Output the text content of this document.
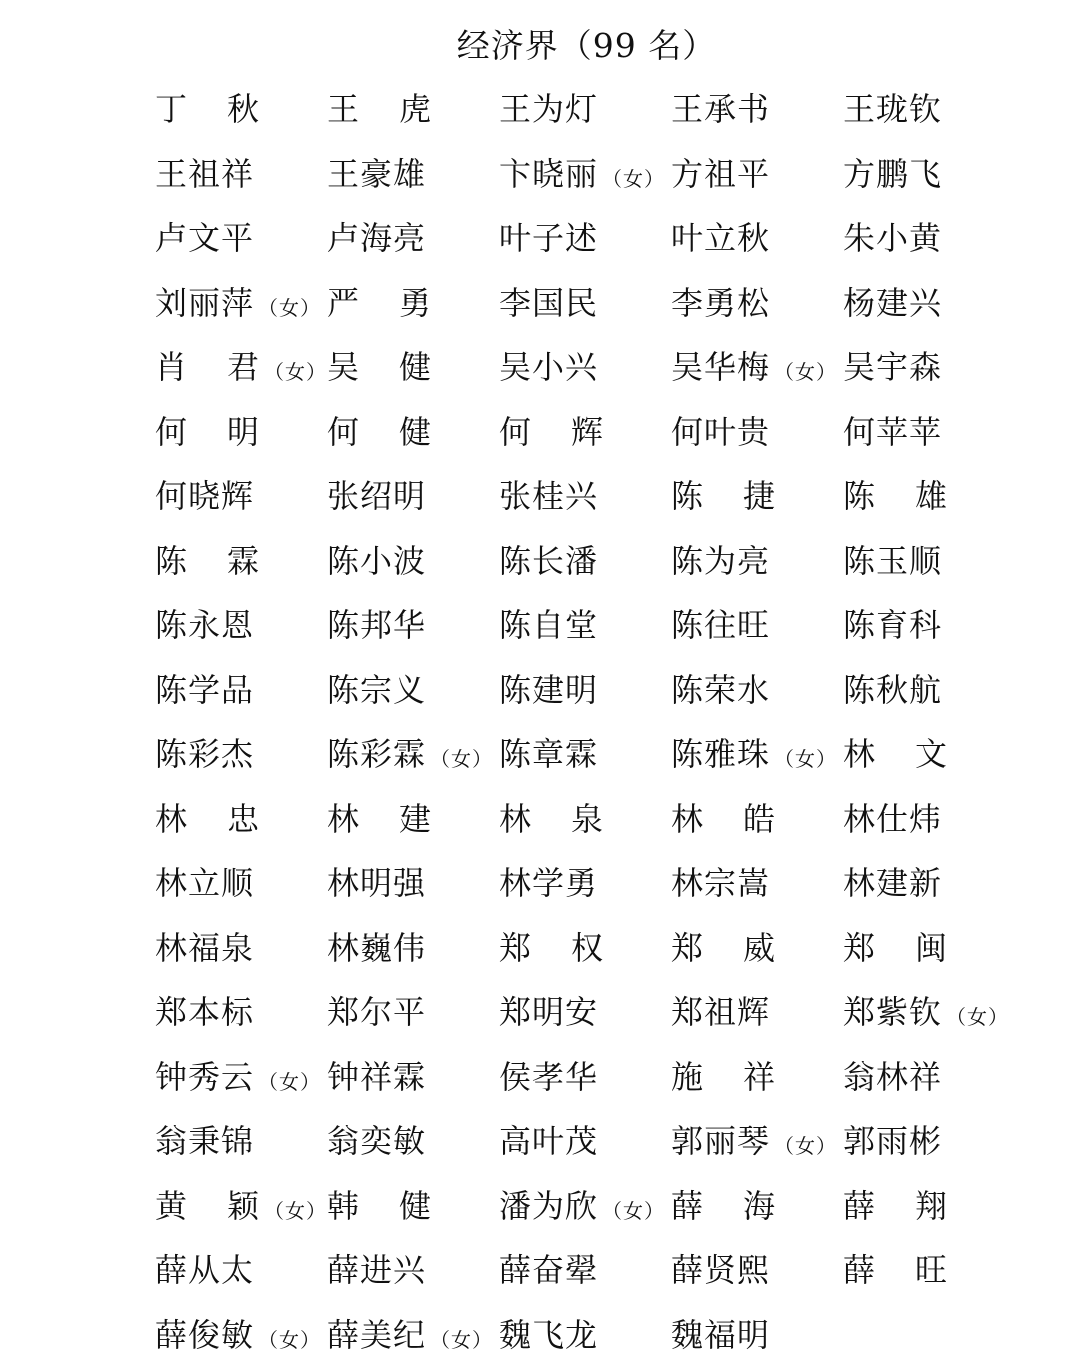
经济界（99 名）
丁 秋 王 虎 王为灯 王承书 王珑钦
王祖祥 王豪雄 卞晓丽 （女） 方祖平 方鹏飞
卢文平 卢海亮 叶子述 叶立秋 朱小黄
刘丽萍 （女） 严 勇 李国民 李勇松 杨建兴
肖 君 （女） 吴 健 吴小兴 吴华梅 （女） 吴宇森
何 明 何 健 何 辉 何叶贵 何苹苹
何晓辉 张绍明 张桂兴 陈 捷 陈 雄
陈 霖 陈小波 陈长潘 陈为亮 陈玉顺
陈永恩 陈邦华 陈自堂 陈往旺 陈育科
陈学品 陈宗义 陈建明 陈荣水 陈秋航
陈彩杰 陈彩霖 （女） 陈章霖 陈雅珠 （女） 林 文
林 忠 林 建 林 泉 林 皓 林仕炜
林立顺 林明强 林学勇 林宗嵩 林建新
林福泉 林巍伟 郑 权 郑 威 郑 闽
郑本标 郑尔平 郑明安 郑祖辉 郑紫钦 （女）
钟秀云 （女） 钟祥霖 侯孝华 施 祥 翁林祥
翁秉锦 翁奕敏 高叶茂 郭丽琴 （女） 郭雨彬
黄 颖 （女） 韩 健 潘为欣 （女） 薛 海 薛 翔
薛从太 薛进兴 薛奋翚 薛贤熙 薛 旺
薛俊敏 （女） 薛美纪 （女） 魏飞龙 魏福明
